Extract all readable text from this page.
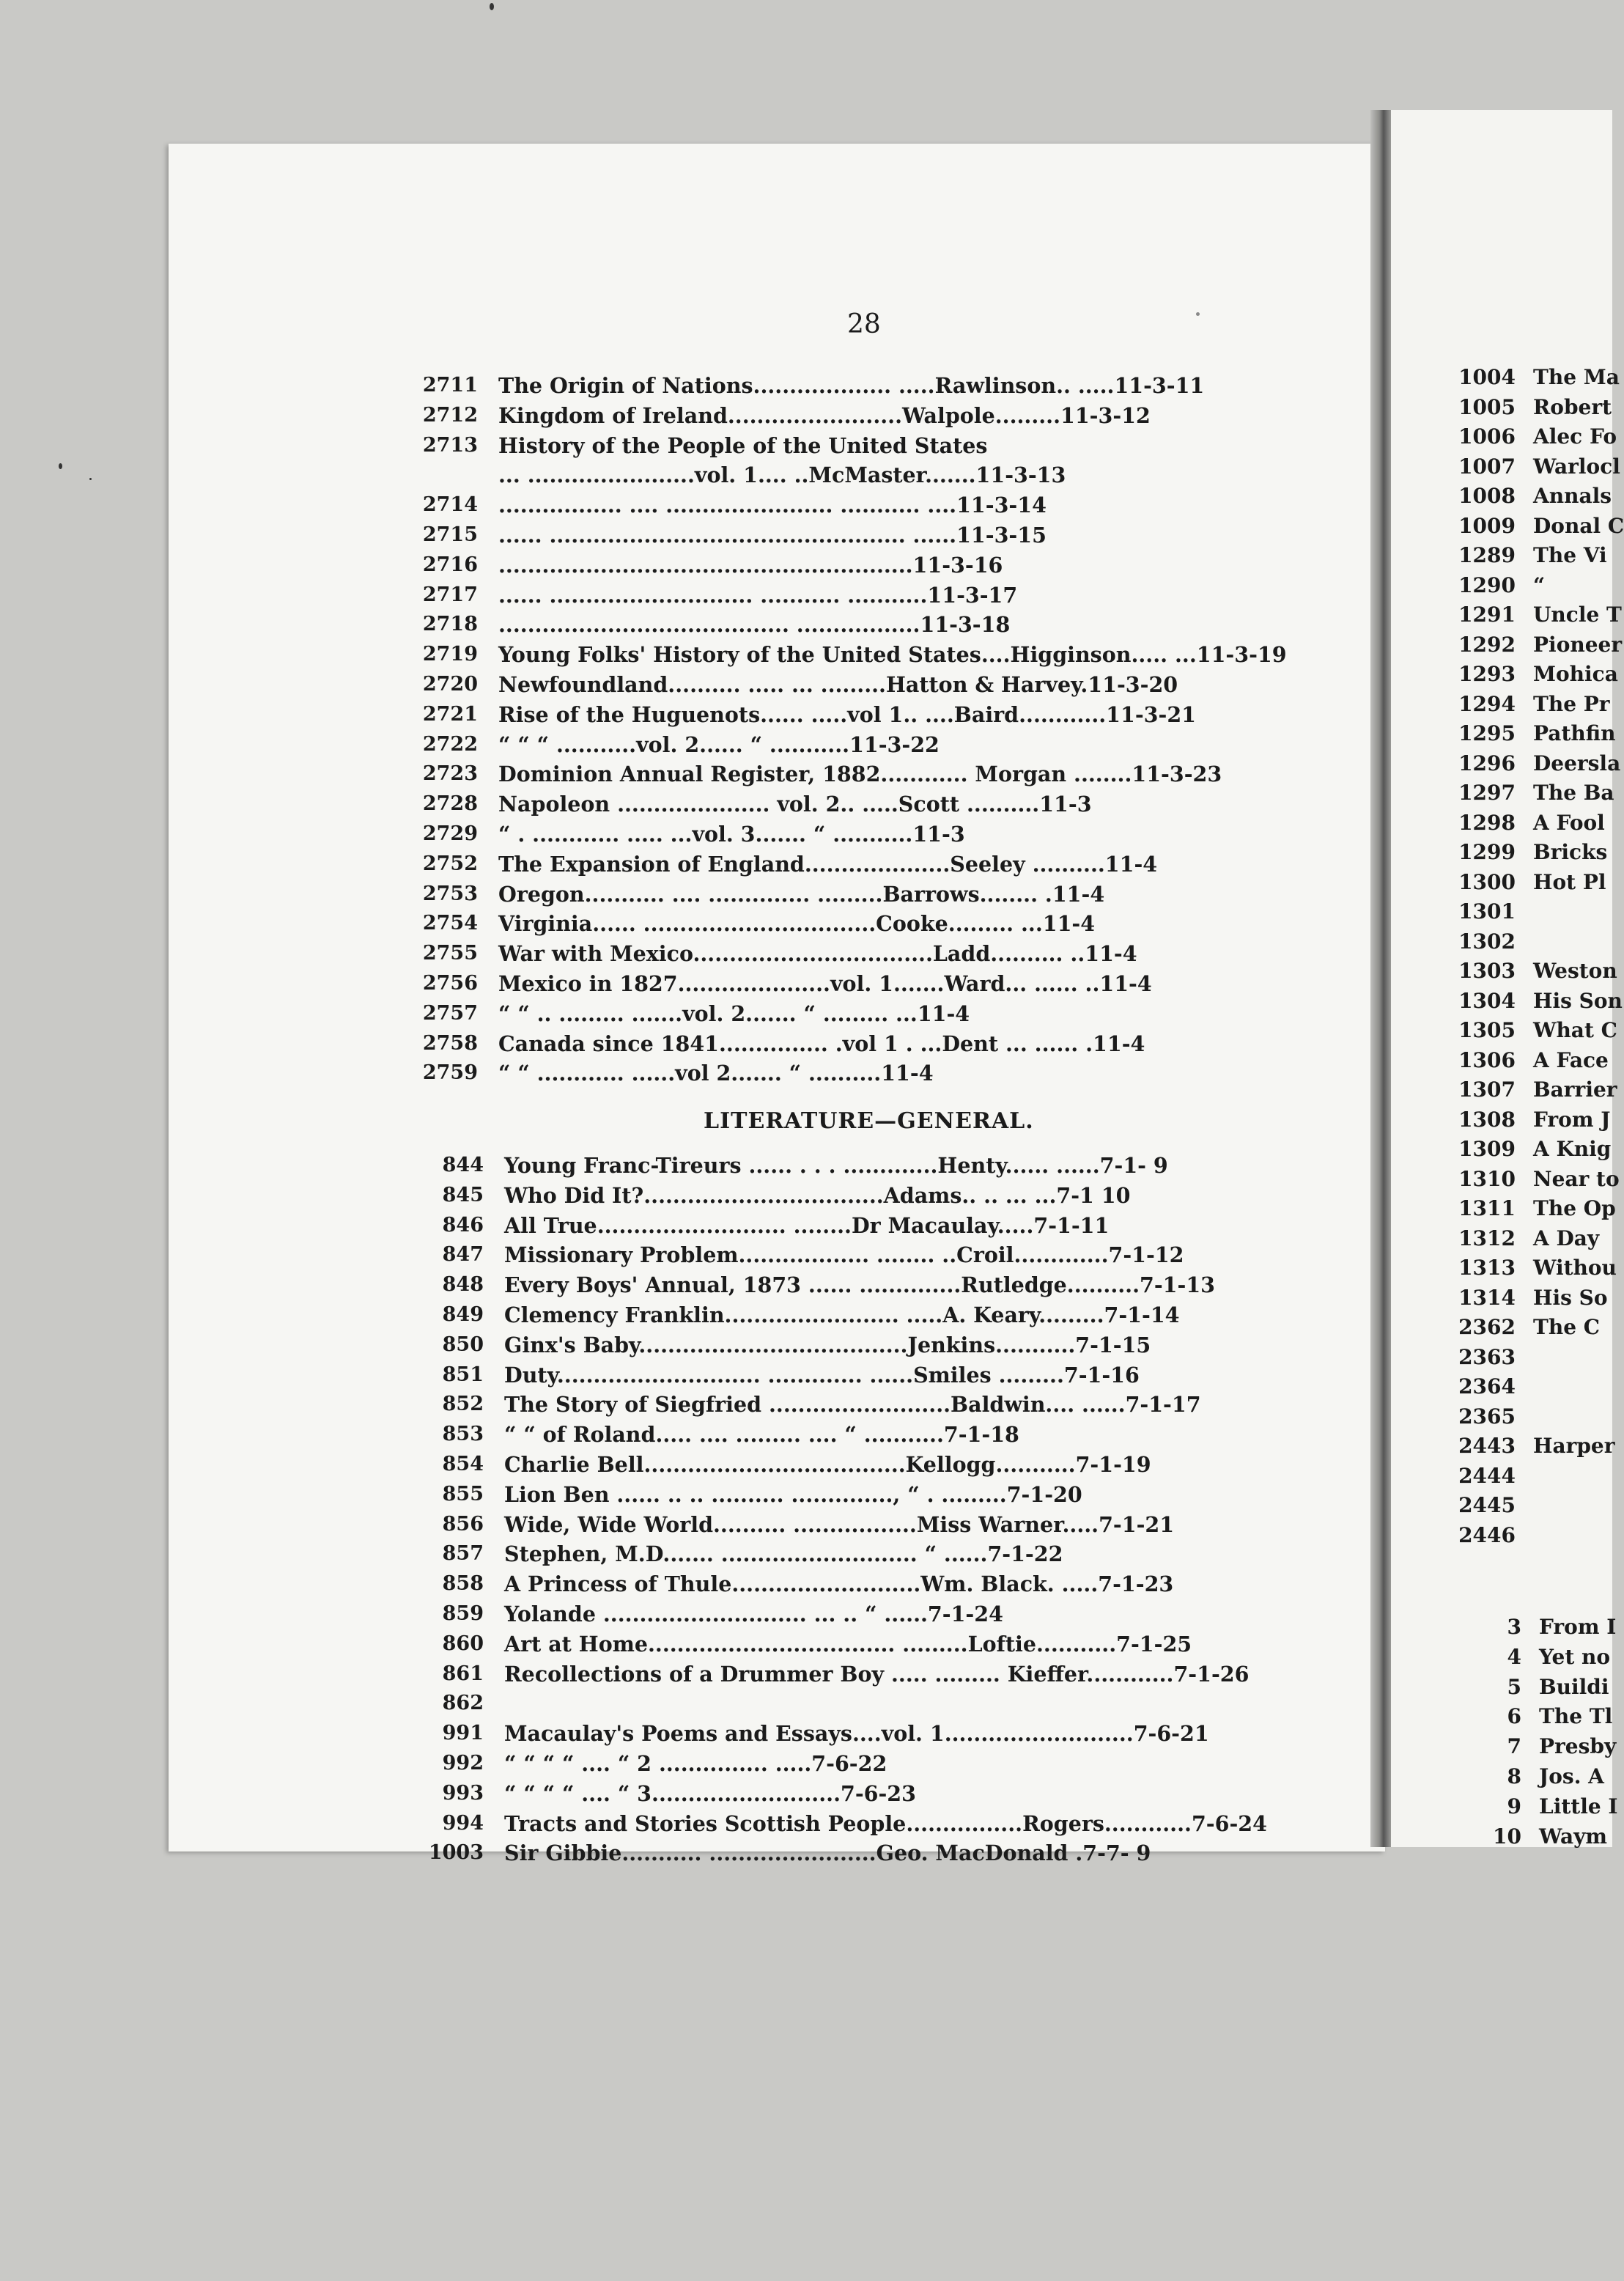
28
2711 The Origin of Nations................... .....Rawlinson.. .....11-3-11
2712 Kingdom of Ireland........................Walpole.........11-3-12
2713 History of the People of the United States
... .......................vol. 1.... ..McMaster.......11-3-13
2714 ................. .... ....................... ........... ....11-3-14
2715 ...... ................................................. ......11-3-15
2716 .........................................................11-3-16
2717 ...... ............................ ........... ...........11-3-17
2718 ........................................ .................11-3-18
2719 Young Folks' History of the United States....Higginson..... ...11-3-19
2720 Newfoundland.......... ..... ... .........Hatton & Harvey.11-3-20
2721 Rise of the Huguenots...... .....vol 1.. ....Baird............11-3-21
2722 “ “ “ ...........vol. 2...... “ ...........11-3-22
2723 Dominion Annual Register, 1882............ Morgan ........11-3-23
2728 Napoleon ..................... vol. 2.. .....Scott ..........11-3
2729 “ . ............ ..... ...vol. 3....... “ ...........11-3
2752 The Expansion of England....................Seeley ..........11-4
2753 Oregon........... .... .............. .........Barrows........ .11-4
2754 Virginia...... ................................Cooke......... ...11-4
2755 War with Mexico.................................Ladd.......... ..11-4
2756 Mexico in 1827.....................vol. 1.......Ward... ...... ..11-4
2757 “ “ .. ......... .......vol. 2....... “ ......... ...11-4
2758 Canada since 1841............... .vol 1 . ...Dent ... ...... .11-4
2759 “ “ ............ ......vol 2....... “ ..........11-4
LITERATURE—GENERAL.
844 Young Franc-Tireurs ...... . . . .............Henty...... ......7-1- 9
845 Who Did It?.................................Adams.. .. ... ...7-1 10
846 All True.......................... ........Dr Macaulay.....7-1-11
847 Missionary Problem.................. ........ ..Croil.............7-1-12
848 Every Boys' Annual, 1873 ...... ..............Rutledge..........7-1-13
849 Clemency Franklin........................ .....A. Keary.........7-1-14
850 Ginx's Baby.....................................Jenkins...........7-1-15
851 Duty............................ ............. ......Smiles .........7-1-16
852 The Story of Siegfried .........................Baldwin.... ......7-1-17
853 “ “ of Roland..... .... ......... .... “ ...........7-1-18
854 Charlie Bell....................................Kellogg...........7-1-19
855 Lion Ben ...... .. .. .......... .............., “ . .........7-1-20
856 Wide, Wide World.......... .................Miss Warner.....7-1-21
857 Stephen, M.D....... ........................... “ ......7-1-22
858 A Princess of Thule..........................Wm. Black. .....7-1-23
859 Yolande ............................ ... .. “ ......7-1-24
860 Art at Home.................................. .........Loftie...........7-1-25
861 Recollections of a Drummer Boy ..... ......... Kieffer............7-1-26
862
991 Macaulay's Poems and Essays....vol. 1..........................7-6-21
992 “ “ “ “ .... “ 2 ............... .....7-6-22
993 “ “ “ “ .... “ 3..........................7-6-23
994 Tracts and Stories Scottish People................Rogers............7-6-24
1003 Sir Gibbie........... .......................Geo. MacDonald .7-7- 9
1004 The Ma
1005 Robert
1006 Alec Fo
1007 Warlocl
1008 Annals
1009 Donal C
1289 The Vi
1290 “
1291 Uncle T
1292 Pioneer
1293 Mohica
1294 The Pr
1295 Pathfin
1296 Deersla
1297 The Ba
1298 A Fool
1299 Bricks
1300 Hot Pl
1301
1302
1303 Weston
1304 His Son
1305 What C
1306 A Face
1307 Barrier
1308 From J
1309 A Knig
1310 Near to
1311 The Op
1312 A Day
1313 Withou
1314 His So
2362 The C
2363
2364
2365
2443 Harper
2444
2445
2446
3 From I
4 Yet no
5 Buildi
6 The Tl
7 Presby
8 Jos. A
9 Little I
10 Waym
